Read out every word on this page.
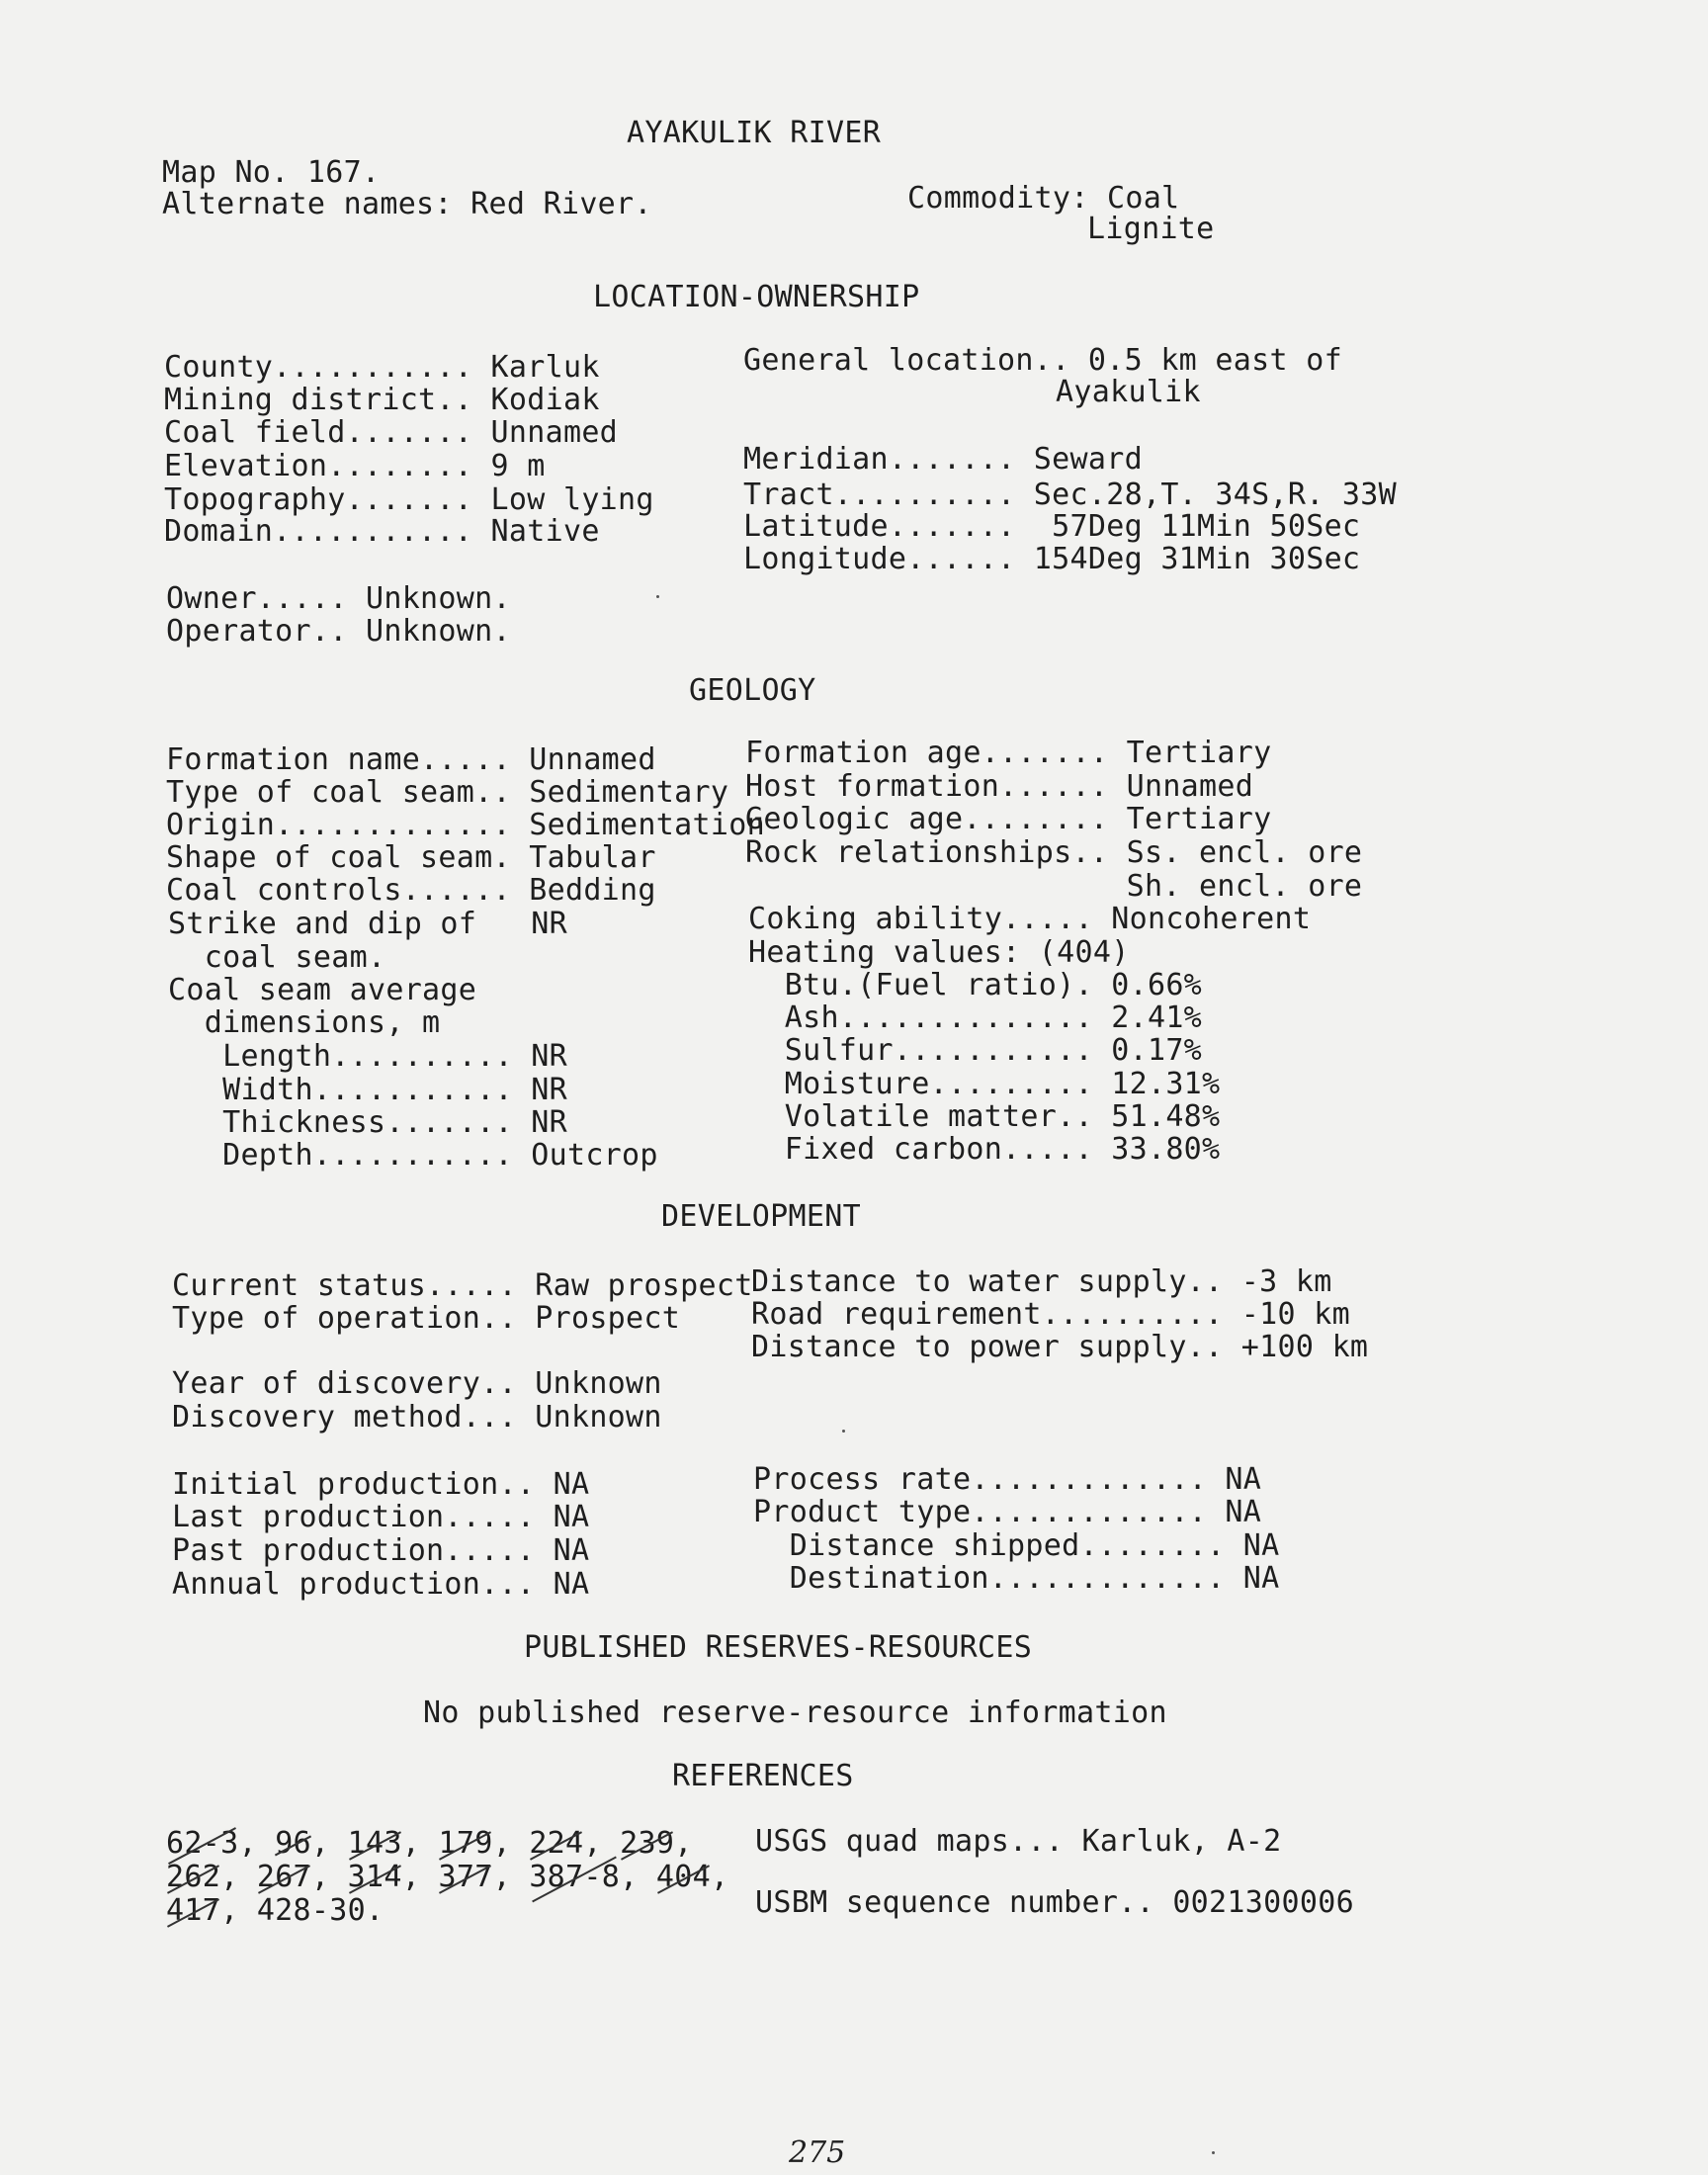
AYAKULIK RIVER
Map No. 167.
Alternate names: Red River.	Commodity: Coal
Lignite
LOCATION-OWNERSHIP
County........... Karluk
Mining district.. Kodiak
Coal field....... Unnamed
Elevation........ 9 m
Topography....... Low lying
Domain........... Native
General location.. 0.5 km east of
Ayakulik
Meridian....... Seward
Tract.......... Sec.28,T. 34S,R. 33W
Latitude.......  57Deg 11Min 50Sec
Longitude...... 154Deg 31Min 30Sec
Owner..... Unknown.
Operator.. Unknown.
GEOLOGY
Formation name..... Unnamed
Type of coal seam.. Sedimentary
Origin............. Sedimentation
Shape of coal seam. Tabular
Coal controls...... Bedding
Strike and dip of   NR
coal seam.
Coal seam average
dimensions, m
Length.......... NR
Width........... NR
Thickness....... NR
Depth........... Outcrop
Formation age....... Tertiary
Host formation...... Unnamed
Geologic age........ Tertiary
Rock relationships.. Ss. encl. ore
Sh. encl. ore
Coking ability..... Noncoherent
Heating values: (404)
Btu.(Fuel ratio). 0.66%
Ash.............. 2.41%
Sulfur........... 0.17%
Moisture......... 12.31%
Volatile matter.. 51.48%
Fixed carbon..... 33.80%
DEVELOPMENT
Current status..... Raw prospect
Type of operation.. Prospect
Distance to water supply.. -3 km
Road requirement.......... -10 km
Distance to power supply.. +100 km
Year of discovery.. Unknown
Discovery method... Unknown
Initial production.. NA
Last production..... NA
Past production..... NA
Annual production... NA
Process rate............. NA
Product type............. NA
Distance shipped........ NA
Destination............. NA
PUBLISHED RESERVES-RESOURCES
No published reserve-resource information
REFERENCES
62-3, 96, 143, 179, 224, 239,
262, 267, 314, 377, 387-8, 404,
417, 428-30.
USGS quad maps... Karluk, A-2
USBM sequence number.. 0021300006
275
